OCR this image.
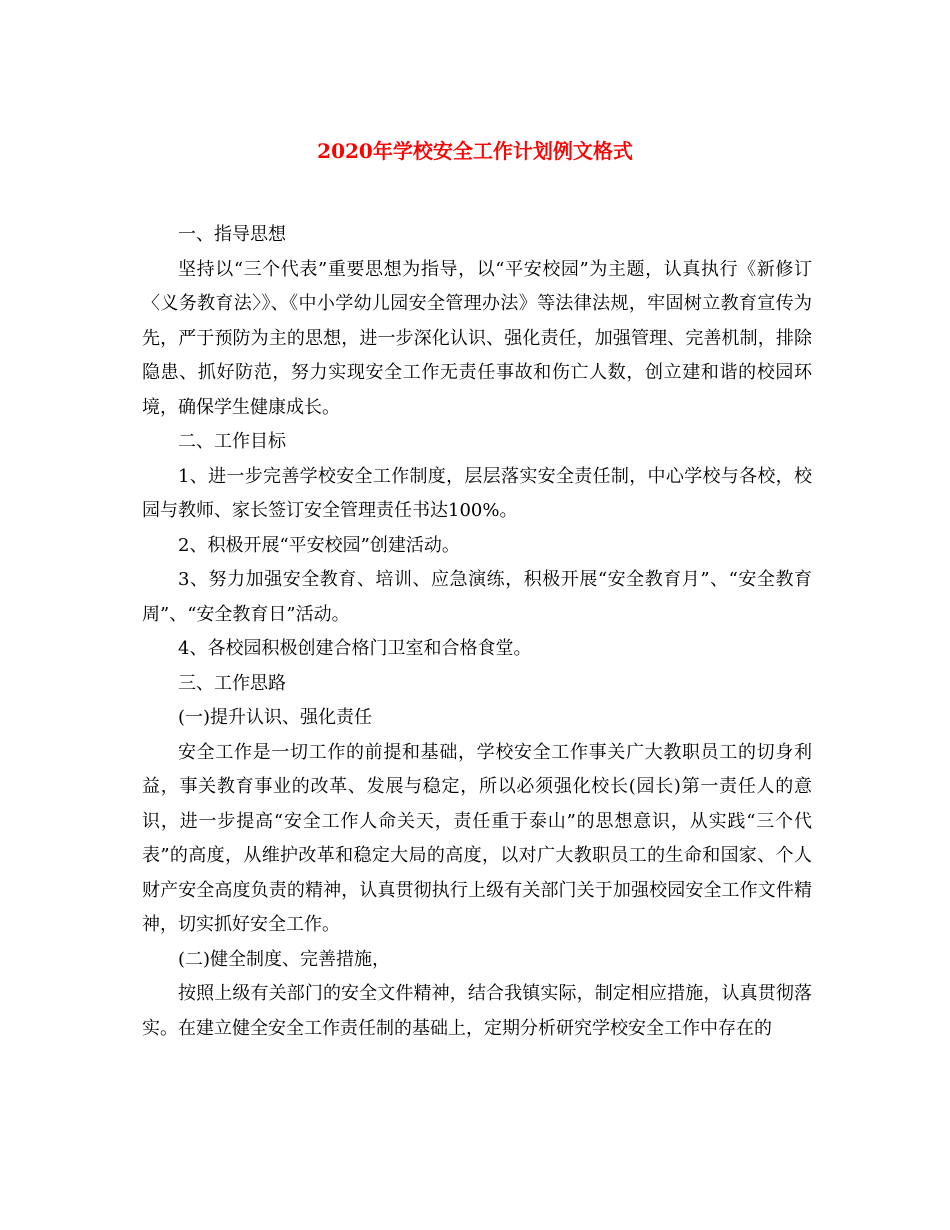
2020年学校安全工作计划例文格式

一、指导思想

坚持以“三个代表”重要思想为指导，以“平安校园”为主题，认真执行《新修订〈义务教育法〉》、《中小学幼儿园安全管理办法》等法律法规，牢固树立教育宣传为先，严于预防为主的思想，进一步深化认识、强化责任，加强管理、完善机制，排除隐患、抓好防范，努力实现安全工作无责任事故和伤亡人数，创立建和谐的校园环境，确保学生健康成长。

二、工作目标

1、进一步完善学校安全工作制度，层层落实安全责任制，中心学校与各校，校园与教师、家长签订安全管理责任书达100%。

2、积极开展“平安校园”创建活动。

3、努力加强安全教育、培训、应急演练，积极开展“安全教育月”、“安全教育周”、“安全教育日”活动。

4、各校园积极创建合格门卫室和合格食堂。

三、工作思路

(一)提升认识、强化责任

安全工作是一切工作的前提和基础，学校安全工作事关广大教职员工的切身利益，事关教育事业的改革、发展与稳定，所以必须强化校长(园长)第一责任人的意识，进一步提高“安全工作人命关天，责任重于泰山”的思想意识，从实践“三个代表”的高度，从维护改革和稳定大局的高度，以对广大教职员工的生命和国家、个人财产安全高度负责的精神，认真贯彻执行上级有关部门关于加强校园安全工作文件精神，切实抓好安全工作。

(二)健全制度、完善措施，

按照上级有关部门的安全文件精神，结合我镇实际，制定相应措施，认真贯彻落实。在建立健全安全工作责任制的基础上，定期分析研究学校安全工作中存在的
